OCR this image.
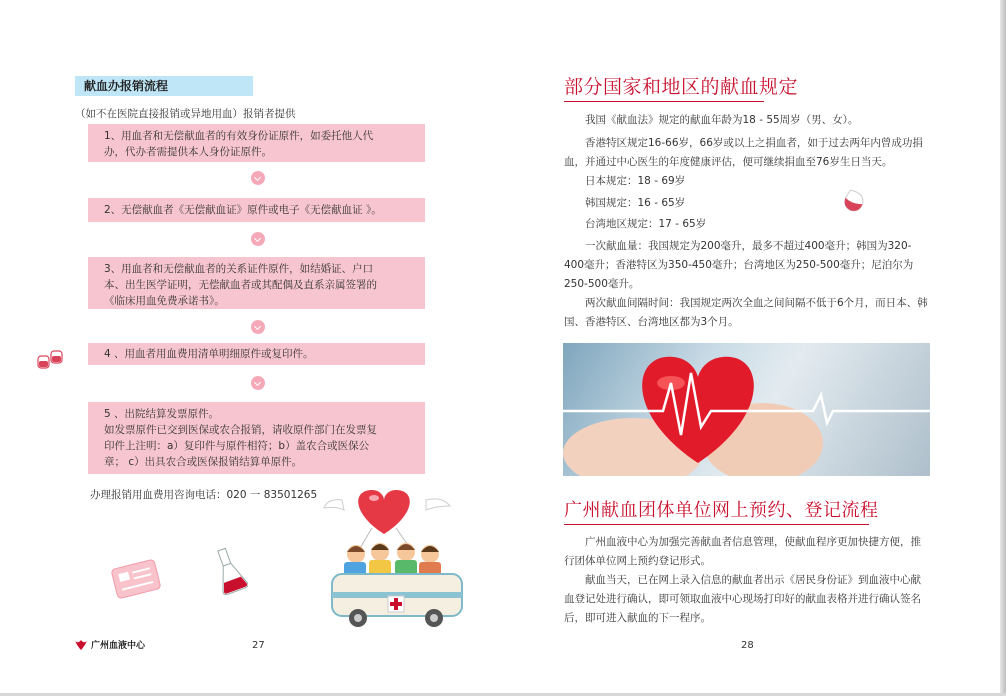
献血办报销流程
（如不在医院直接报销或异地用血）报销者提供
1、用血者和无偿献血者的有效身份证原件，如委托他人代
办，代办者需提供本人身份证原件。
2、无偿献血者《无偿献血证》原件或电子《无偿献血证 》。
3、用血者和无偿献血者的关系证件原件，如结婚证、户口
本、出生医学证明，无偿献血者或其配偶及直系亲属签署的
《临床用血免费承诺书》。
4 、用血者用血费用清单明细原件或复印件。
5 、出院结算发票原件。
如发票原件已交到医保或农合报销，请收原件部门在发票复
印件上注明：a）复印件与原件相符；b）盖农合或医保公
章； c）出具农合或医保报销结算单原件。
办理报销用血费用咨询电话：020 一 83501265
广州血液中心	27
部分国家和地区的献血规定

我国《献血法》规定的献血年龄为18 - 55周岁（男、女）。

香港特区规定16-66岁，66岁或以上之捐血者，如于过去两年内曾成功捐血，并通过中心医生的年度健康评估，便可继续捐血至76岁生日当天。

日本规定：18 - 69岁

韩国规定：16 - 65岁

台湾地区规定：17 - 65岁

一次献血量：我国规定为200毫升，最多不超过400毫升；韩国为320-400毫升；香港特区为350-450毫升；台湾地区为250-500毫升；尼泊尔为250-500毫升。

两次献血间隔时间：我国规定两次全血之间间隔不低于6个月，而日本、韩国、香港特区、台湾地区都为3个月。

广州献血团体单位网上预约、登记流程

广州血液中心为加强完善献血者信息管理，使献血程序更加快捷方便，推行团体单位网上预约登记形式。

献血当天，已在网上录入信息的献血者出示《居民身份证》到血液中心献血登记处进行确认，即可领取血液中心现场打印好的献血表格并进行确认签名后，即可进入献血的下一程序。

28
